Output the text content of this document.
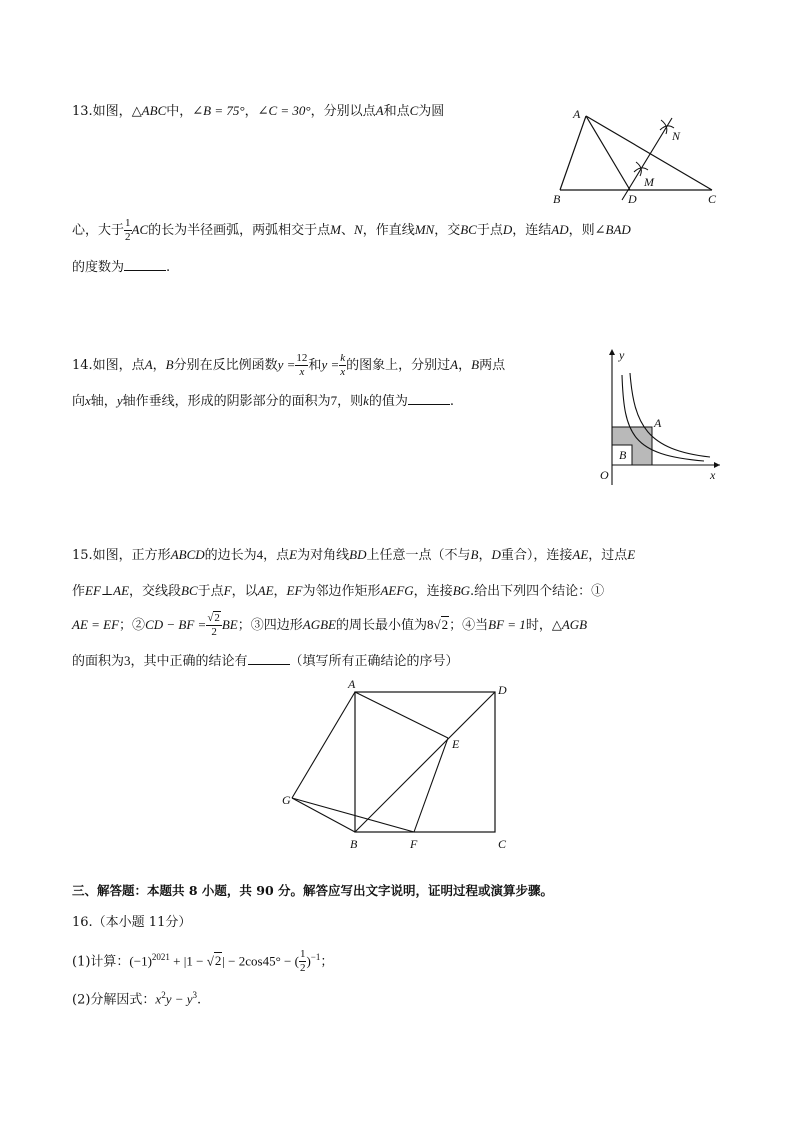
13.如图，△ABC中，∠B = 75°，∠C = 30°，分别以点A和点C为圆
心，大于 $\frac{1}{2}$ AC的长为半径画弧，两弧相交于点M、N，作直线MN，交BC于点D，连结AD，则∠BAD
的度数为	.
A
B	D	C
M
N
14.如图，点A，B分别在反比例函数$y = \frac{12}{x}$ 和$y = \frac{k}{x}$ 的图象上，分别过A，B两点
向x轴，y轴作垂线，形成的阴影部分的面积为7，则k的值为	.
y
x
O
A
B
15.如图，正方形ABCD的边长为4，点E为对角线BD上任意一点（不与B，D重合），连接AE，过点E
作EF⊥AE，交线段BC于点F，以AE，EF为邻边作矩形AEFG，连接BG.给出下列四个结论：①
AE = EF；②CD − BF = $\frac{√2}{2}$ BE；③四边形AGBE的周长最小值为8√2；④当BF = 1时，△AGB
的面积为3，其中正确的结论有	（填写所有正确结论的序号）
A	D
E
G
B	F	C
三、解答题：本题共 8 小题，共 90 分。解答应写出文字说明，证明过程或演算步骤。
16.（本小题 11分）
(1)计算：$(-1)^{2021} + |1 - √2| - 2\cos 45^\circ$ − ( $\frac{1}{2} )^{-1}$；
(2)分解因式：$x^2y - y^3$.
